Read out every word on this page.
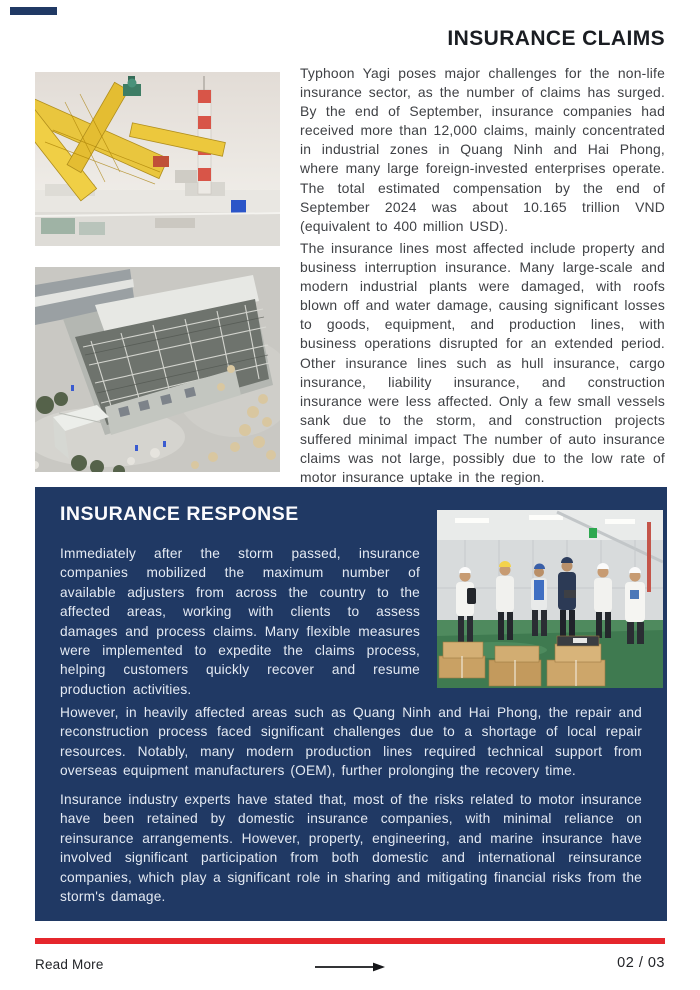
INSURANCE CLAIMS

Typhoon Yagi poses major challenges for the non-life insurance sector, as the number of claims has surged. By the end of September, insurance companies had received more than 12,000 claims, mainly concentrated in industrial zones in Quang Ninh and Hai Phong, where many large foreign-invested enterprises operate. The total estimated compensation by the end of September 2024 was about 10.165 trillion VND (equivalent to 400 million USD).

The insurance lines most affected include property and business interruption insurance. Many large-scale and modern industrial plants were damaged, with roofs blown off and water damage, causing significant losses to goods, equipment, and production lines, with business operations disrupted for an extended period. Other insurance lines such as hull insurance, cargo insurance, liability insurance, and construction insurance were less affected. Only a few small vessels sank due to the storm, and construction projects suffered minimal impact The number of auto insurance claims was not large, possibly due to the low rate of motor insurance uptake in the region.

INSURANCE RESPONSE

Immediately after the storm passed, insurance companies mobilized the maximum number of available adjusters from across the country to the affected areas, working with clients to assess damages and process claims. Many flexible measures were implemented to expedite the claims process, helping customers quickly recover and resume production activities.

However, in heavily affected areas such as Quang Ninh and Hai Phong, the repair and reconstruction process faced significant challenges due to a shortage of local repair resources. Notably, many modern production lines required technical support from overseas equipment manufacturers (OEM), further prolonging the recovery time.

Insurance industry experts have stated that, most of the risks related to motor insurance have been retained by domestic insurance companies, with minimal reliance on reinsurance arrangements. However, property, engineering, and marine insurance have involved significant participation from both domestic and international reinsurance companies, which play a significant role in sharing and mitigating financial risks from the storm's damage.

Read More	02 / 03
